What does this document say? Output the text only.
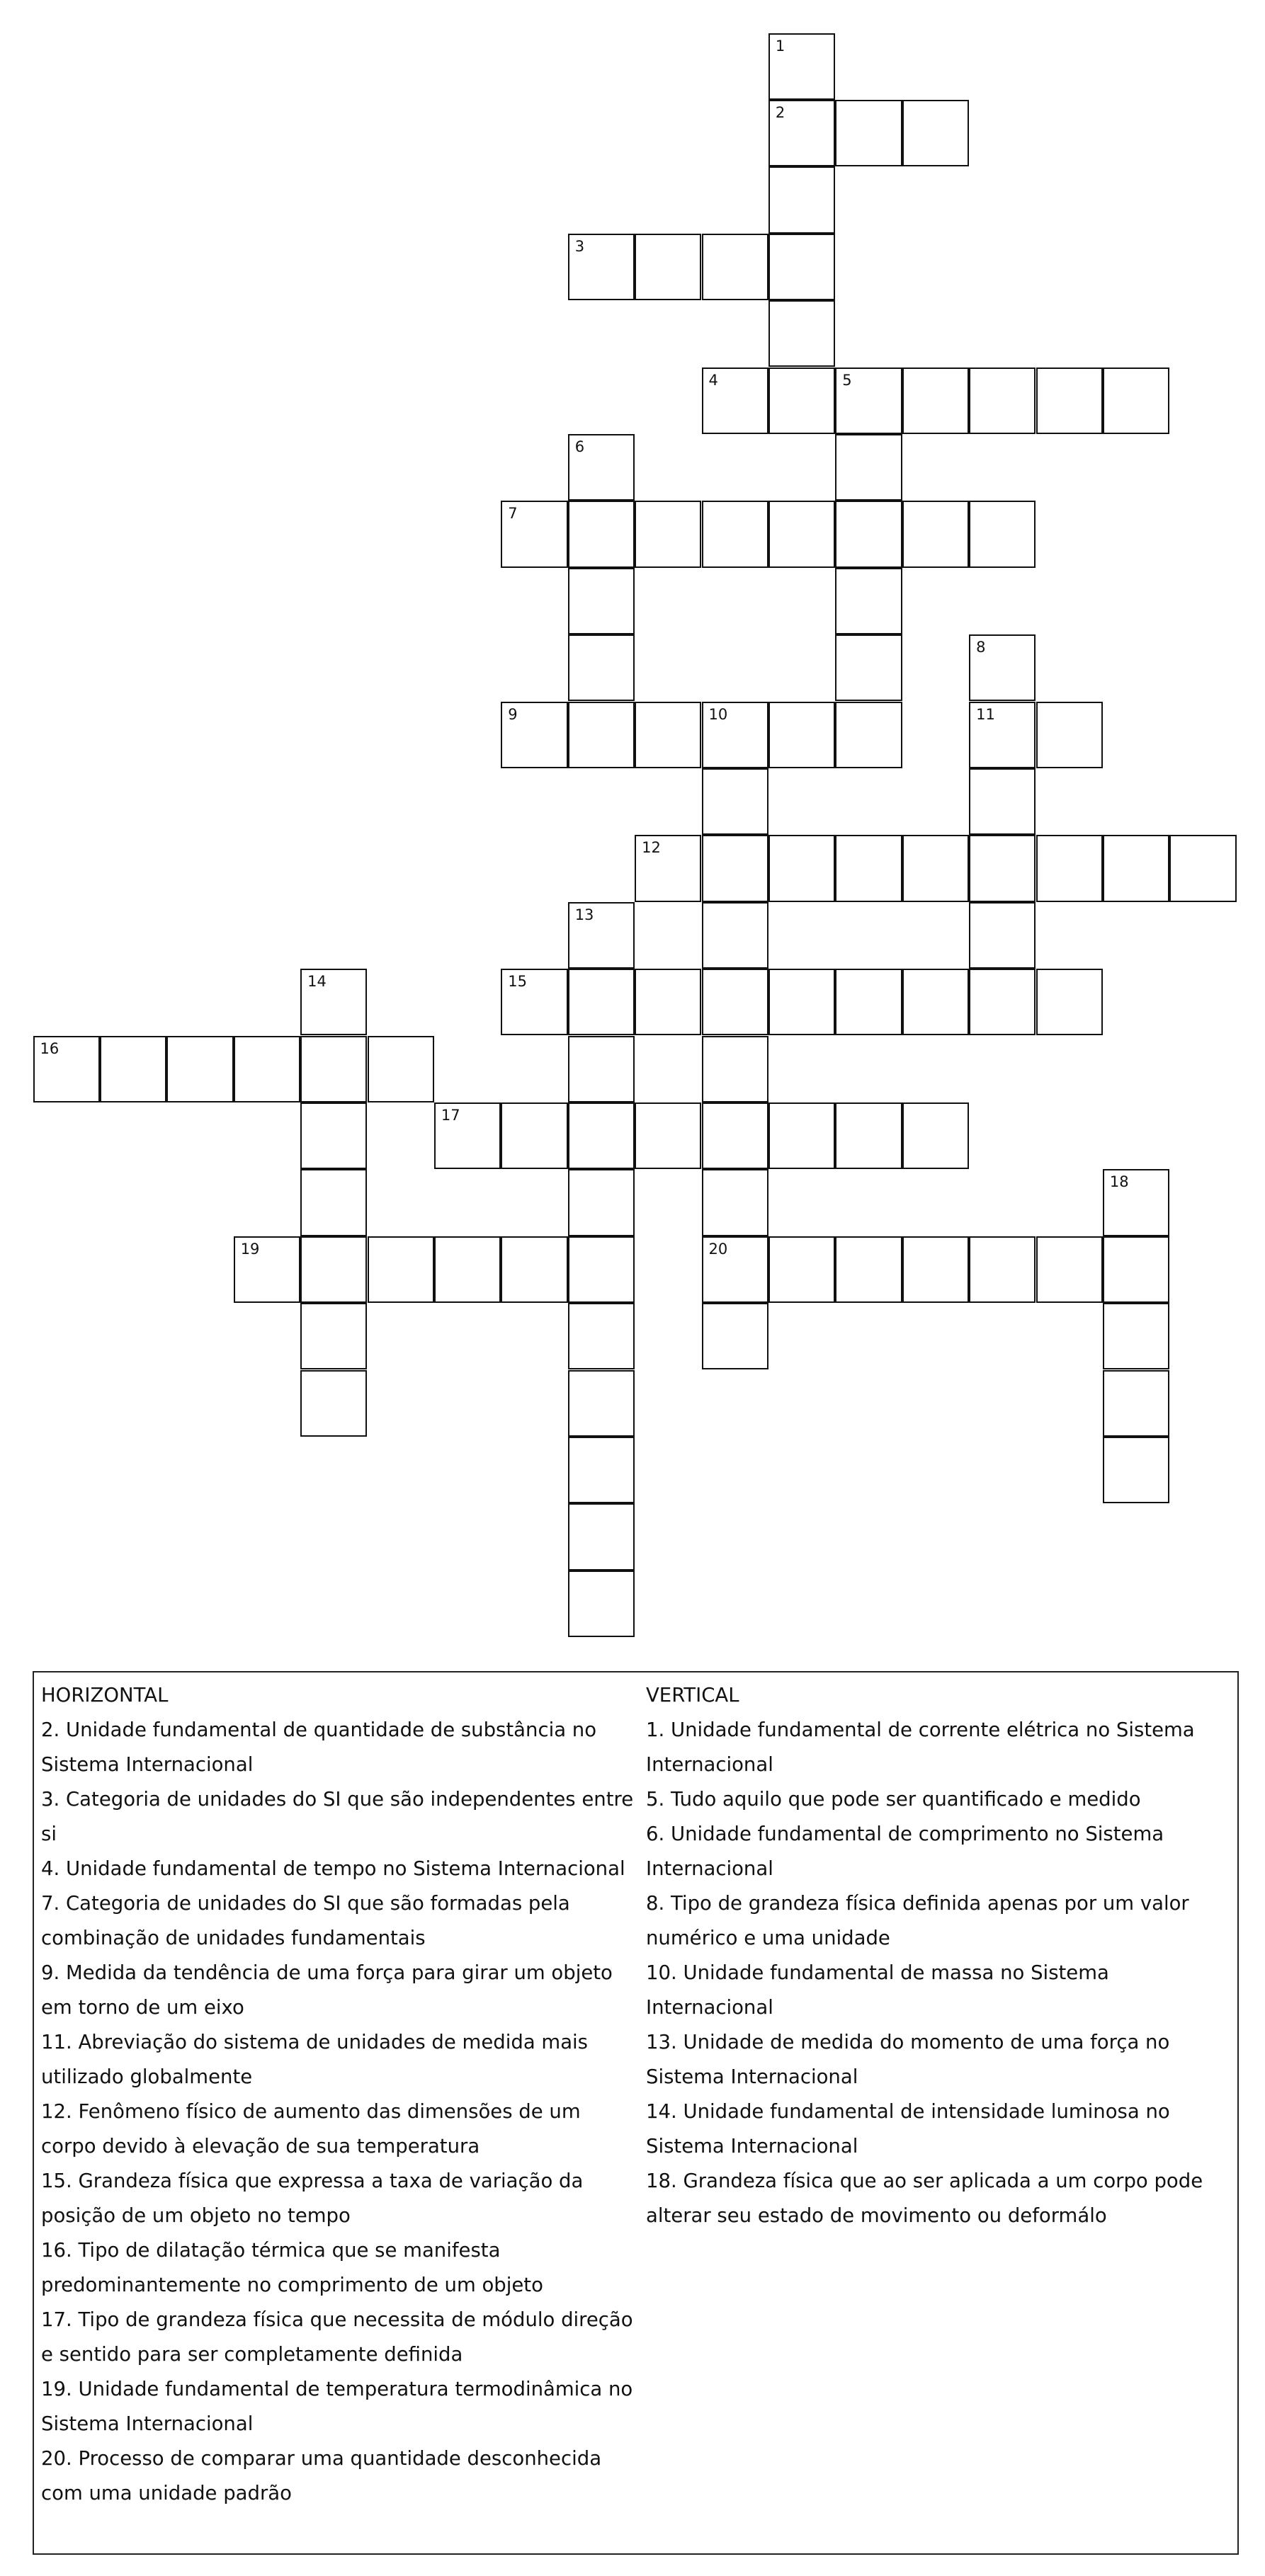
2
3
4	5
7
9	10	11
12
15
16
17
19	20
1
6
8
13
14
18
HORIZONTAL
2. Unidade fundamental de quantidade de substância no Sistema Internacional
3. Categoria de unidades do SI que são independentes entre si
4. Unidade fundamental de tempo no Sistema Internacional
7. Categoria de unidades do SI que são formadas pela combinação de unidades fundamentais
9. Medida da tendência de uma força para girar um objeto em torno de um eixo
11. Abreviação do sistema de unidades de medida mais utilizado globalmente
12. Fenômeno físico de aumento das dimensões de um corpo devido à elevação de sua temperatura
15. Grandeza física que expressa a taxa de variação da posição de um objeto no tempo
16. Tipo de dilatação térmica que se manifesta predominantemente no comprimento de um objeto
17. Tipo de grandeza física que necessita de módulo direção e sentido para ser completamente definida
19. Unidade fundamental de temperatura termodinâmica no Sistema Internacional
20. Processo de comparar uma quantidade desconhecida com uma unidade padrão
VERTICAL
1. Unidade fundamental de corrente elétrica no Sistema Internacional
5. Tudo aquilo que pode ser quantificado e medido
6. Unidade fundamental de comprimento no Sistema Internacional
8. Tipo de grandeza física definida apenas por um valor numérico e uma unidade
10. Unidade fundamental de massa no Sistema Internacional
13. Unidade de medida do momento de uma força no Sistema Internacional
14. Unidade fundamental de intensidade luminosa no Sistema Internacional
18. Grandeza física que ao ser aplicada a um corpo pode alterar seu estado de movimento ou deformálo
